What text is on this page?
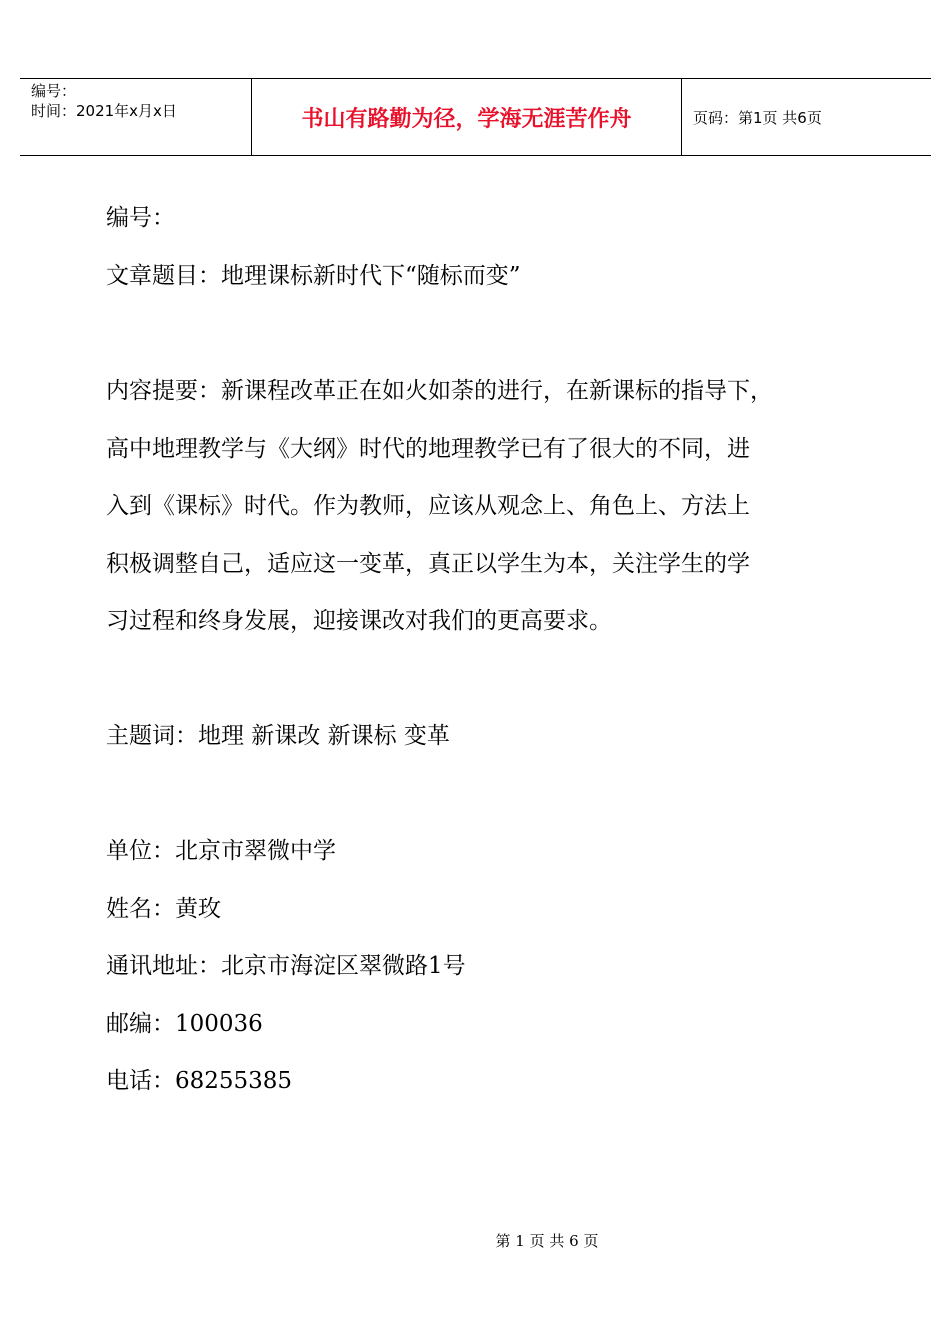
编号：
时间：2021年x月x日	书山有路勤为径，学海无涯苦作舟	页码：第1页 共6页
编号：
文章题目：地理课标新时代下“随标而变”
内容提要：新课程改革正在如火如荼的进行，在新课标的指导下，
高中地理教学与《大纲》时代的地理教学已有了很大的不同，进
入到《课标》时代。作为教师，应该从观念上、角色上、方法上
积极调整自己，适应这一变革，真正以学生为本，关注学生的学
习过程和终身发展，迎接课改对我们的更高要求。
主题词：地理 新课改 新课标 变革
单位：北京市翠微中学
姓名：黄玫
通讯地址：北京市海淀区翠微路1号
邮编：100036
电话：68255385
第 1 页 共 6 页
